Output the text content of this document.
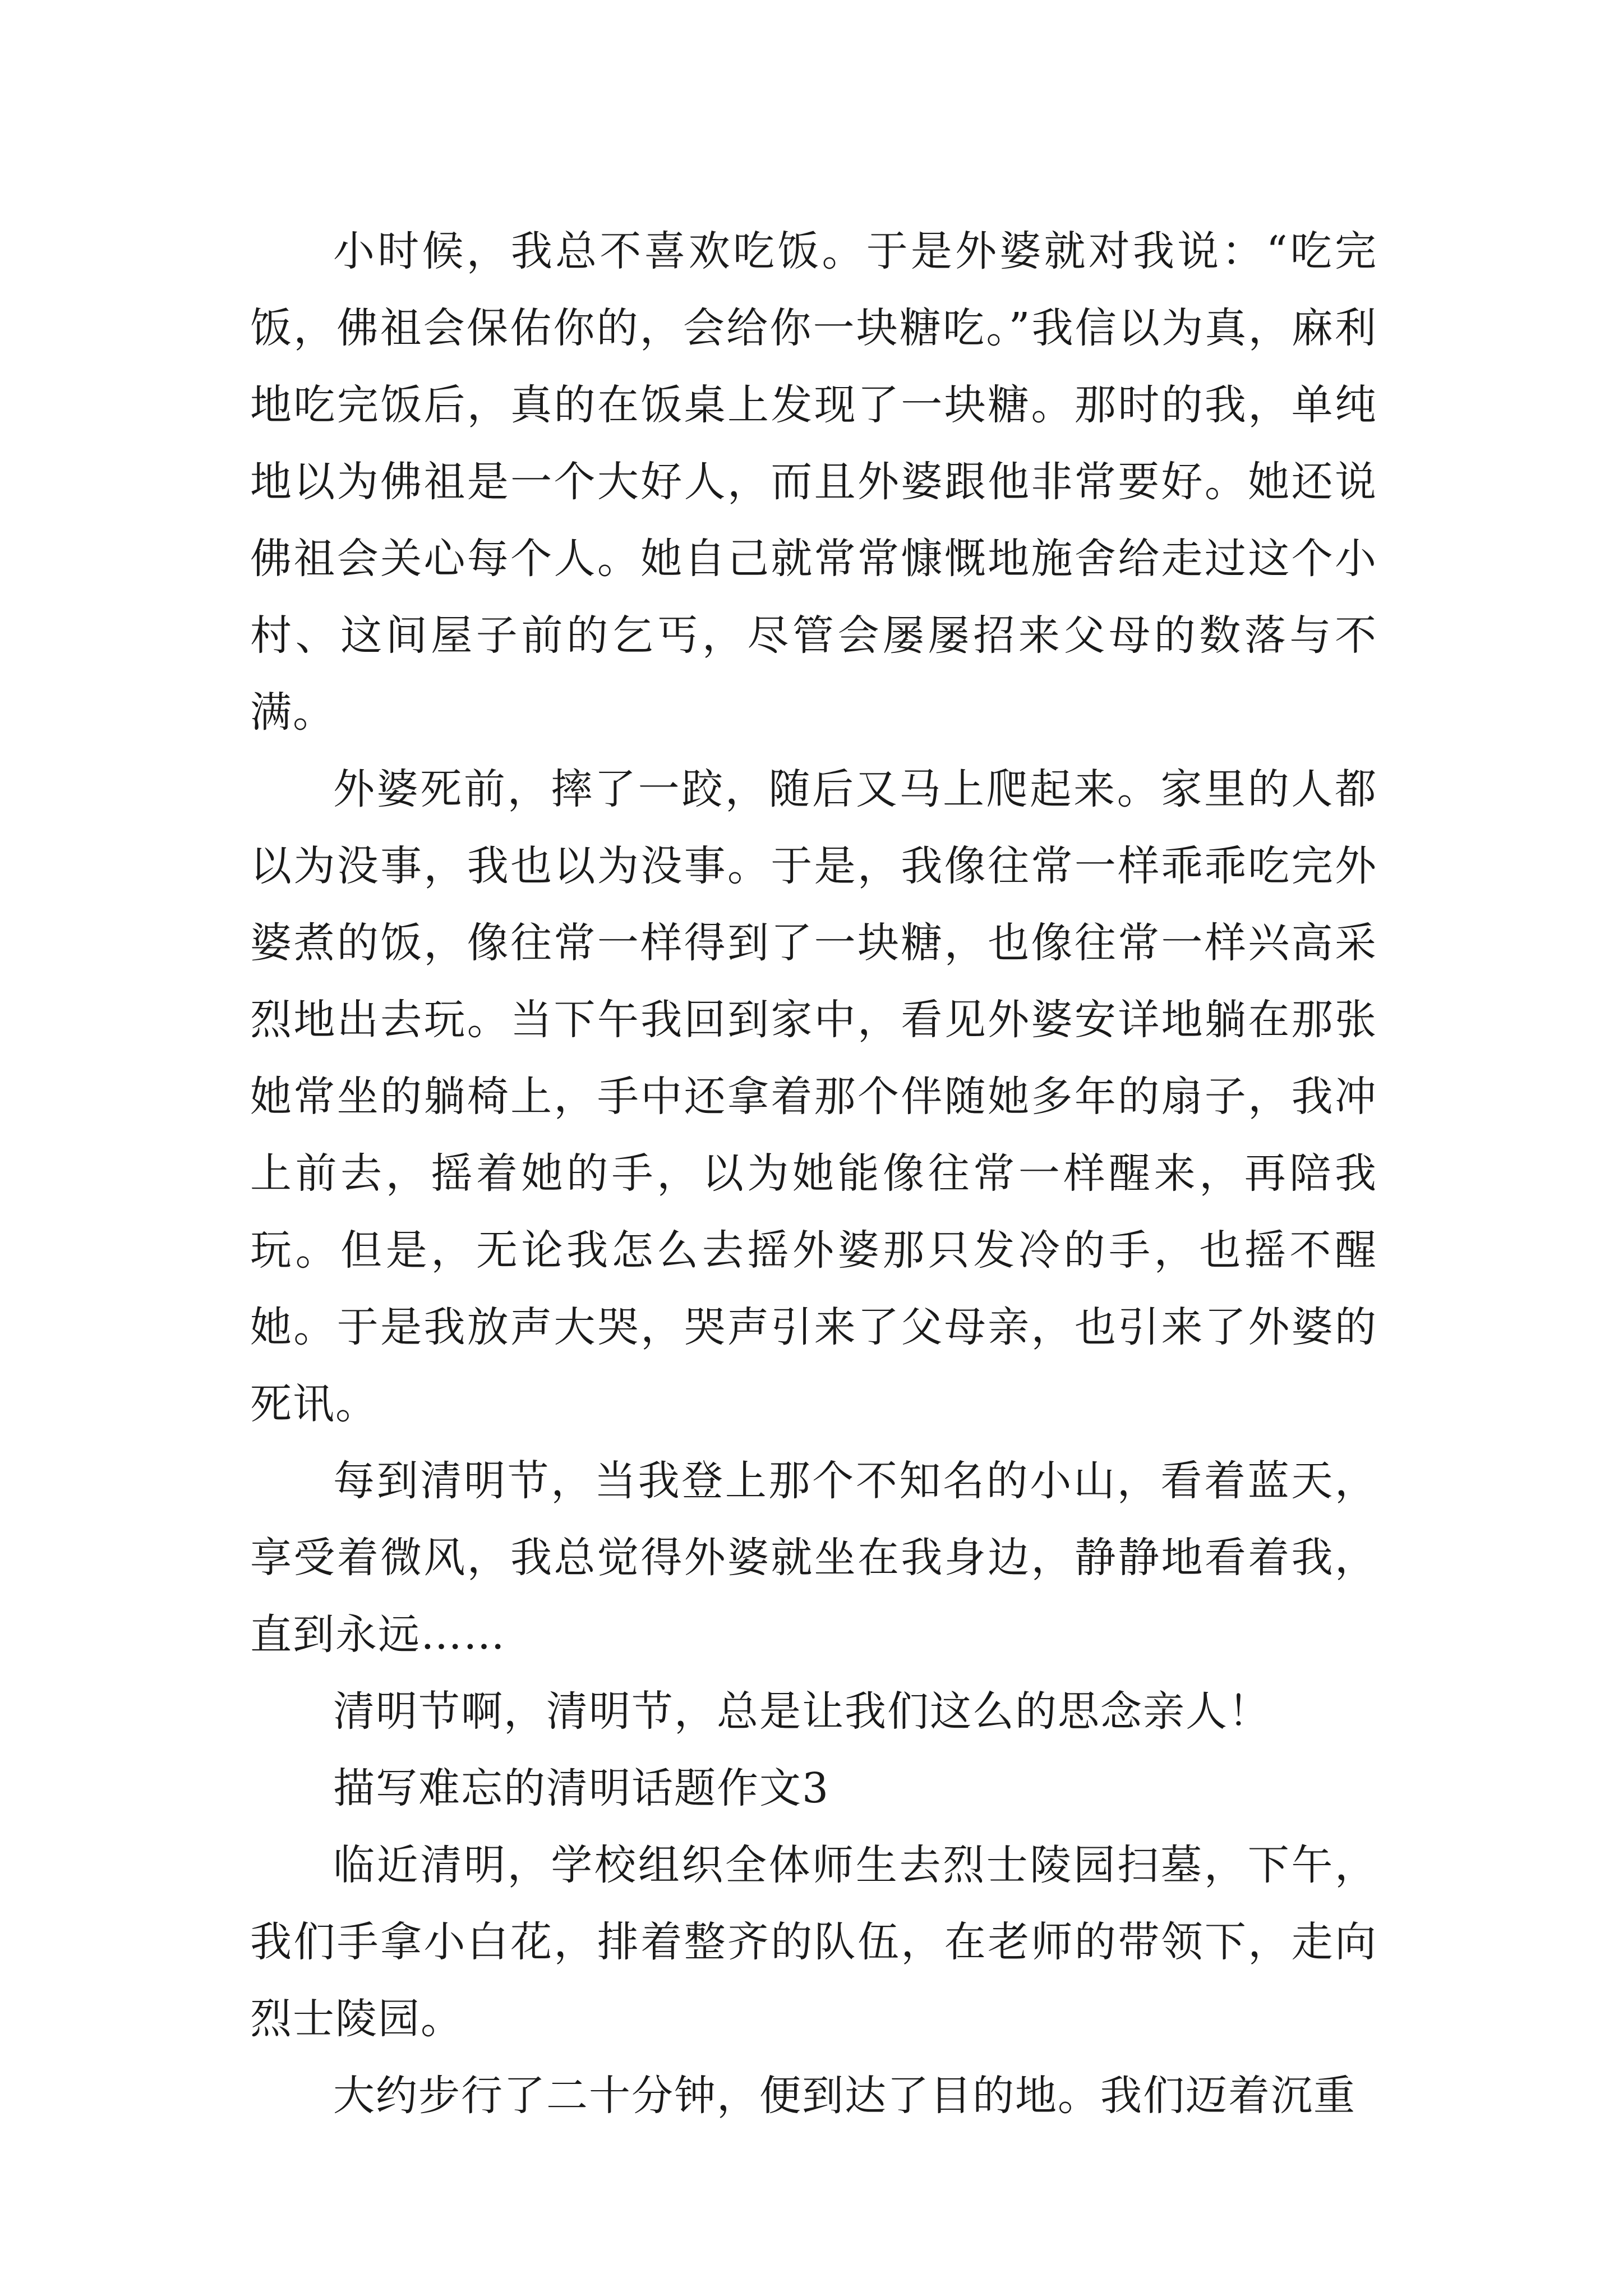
小时候，我总不喜欢吃饭。于是外婆就对我说：“吃完饭，佛祖会保佑你的，会给你一块糖吃。”我信以为真，麻利地吃完饭后，真的在饭桌上发现了一块糖。那时的我，单纯地以为佛祖是一个大好人，而且外婆跟他非常要好。她还说佛祖会关心每个人。她自己就常常慷慨地施舍给走过这个小村、这间屋子前的乞丐，尽管会屡屡招来父母的数落与不满。

外婆死前，摔了一跤，随后又马上爬起来。家里的人都以为没事，我也以为没事。于是，我像往常一样乖乖吃完外婆煮的饭，像往常一样得到了一块糖，也像往常一样兴高采烈地出去玩。当下午我回到家中，看见外婆安详地躺在那张她常坐的躺椅上，手中还拿着那个伴随她多年的扇子，我冲上前去，摇着她的手，以为她能像往常一样醒来，再陪我玩。但是，无论我怎么去摇外婆那只发冷的手，也摇不醒她。于是我放声大哭，哭声引来了父母亲，也引来了外婆的死讯。

每到清明节，当我登上那个不知名的小山，看着蓝天，享受着微风，我总觉得外婆就坐在我身边，静静地看着我，直到永远……

清明节啊，清明节，总是让我们这么的思念亲人！

描写难忘的清明话题作文3

临近清明，学校组织全体师生去烈士陵园扫墓，下午，我们手拿小白花，排着整齐的队伍，在老师的带领下，走向烈士陵园。

大约步行了二十分钟，便到达了目的地。我们迈着沉重
